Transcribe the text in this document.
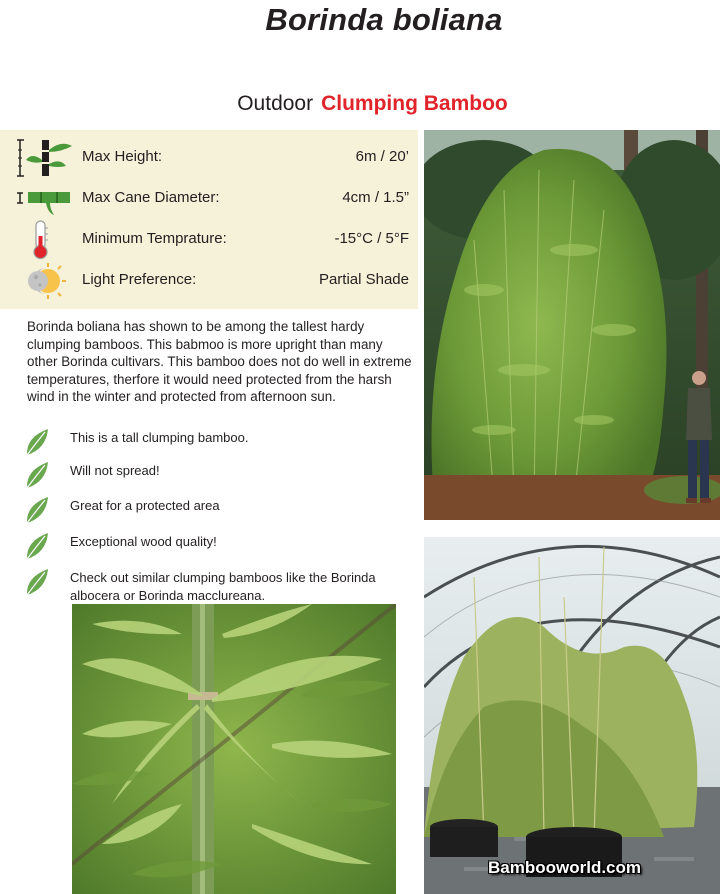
Borinda boliana
Outdoor Clumping Bamboo
Max Height:	6m / 20’
Max Cane Diameter:	4cm / 1.5”
Minimum Temprature:	-15°C / 5°F
Light Preference:	Partial Shade
Borinda boliana has shown to be among the tallest hardy clumping bamboos. This babmoo is more upright than many other Borinda cultivars. This bamboo does not do well in extreme temperatures, therfore it would need protected from the harsh wind in the winter and protected from afternoon sun.
This is a tall clumping bamboo.
Will not spread!
Great for a protected area
Exceptional wood quality!
Check out similar clumping bamboos like the Borinda albocera or Borinda macclureana.
Bambooworld.com
